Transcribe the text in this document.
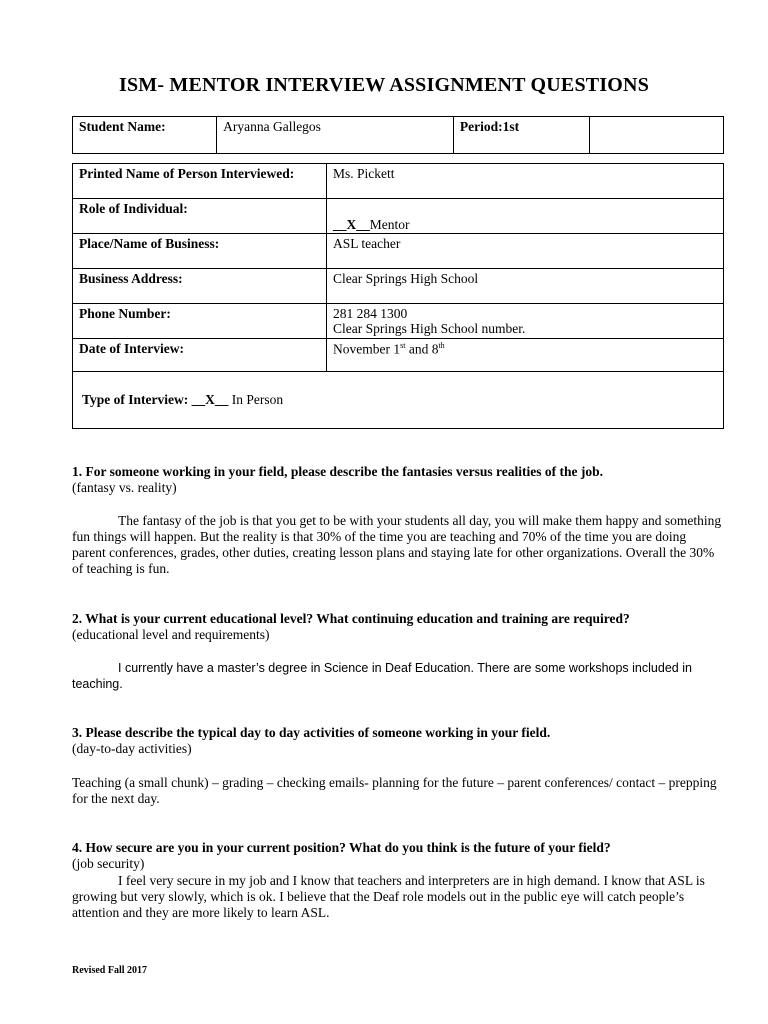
ISM- MENTOR INTERVIEW ASSIGNMENT QUESTIONS
Student Name:	Aryanna Gallegos	Period:1st	
Printed Name of Person Interviewed:	Ms. Pickett
Role of Individual:	__X__Mentor
Place/Name of Business:	ASL teacher
Business Address:	Clear Springs High School
Phone Number:	281 284 1300
Clear Springs High School number.

Date of Interview:	November 1st and 8th
Type of Interview: __X__ In Person	
1. For someone working in your field, please describe the fantasies versus realities of the job.
(fantasy vs. reality)
The fantasy of the job is that you get to be with your students all day, you will make them happy and something fun things will happen. But the reality is that 30% of the time you are teaching and 70% of the time you are doing parent conferences, grades, other duties, creating lesson plans and staying late for other organizations. Overall the 30% of teaching is fun.
2. What is your current educational level? What continuing education and training are required?
(educational level and requirements)
I currently have a master’s degree in Science in Deaf Education. There are some workshops included in teaching.
3. Please describe the typical day to day activities of someone working in your field.
(day-to-day activities)
Teaching (a small chunk) – grading – checking emails- planning for the future – parent conferences/ contact – prepping for the next day.
4. How secure are you in your current position? What do you think is the future of your field?
(job security)
I feel very secure in my job and I know that teachers and interpreters are in high demand. I know that ASL is growing but very slowly, which is ok. I believe that the Deaf role models out in the public eye will catch people’s attention and they are more likely to learn ASL.
Revised Fall 2017
